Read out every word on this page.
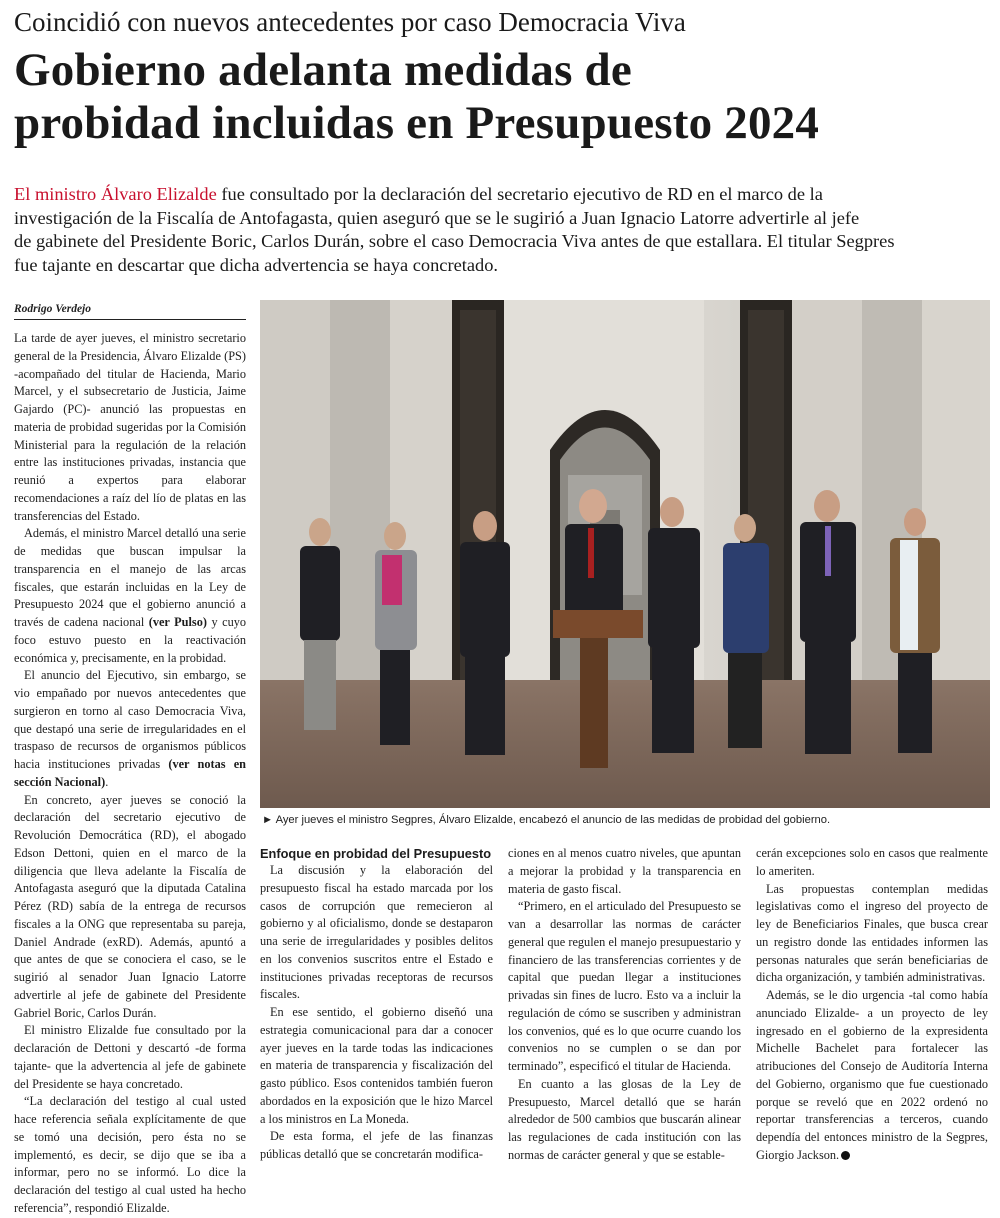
Coincidió con nuevos antecedentes por caso Democracia Viva
Gobierno adelanta medidas de
probidad incluidas en Presupuesto 2024
El ministro Álvaro Elizalde fue consultado por la declaración del secretario ejecutivo de RD en el marco de la
investigación de la Fiscalía de Antofagasta, quien aseguró que se le sugirió a Juan Ignacio Latorre advertirle al jefe
de gabinete del Presidente Boric, Carlos Durán, sobre el caso Democracia Viva antes de que estallara. El titular Segpres
fue tajante en descartar que dicha advertencia se haya concretado.
Rodrigo Verdejo

La tarde de ayer jueves, el ministro secretario general de la Presidencia, Álvaro Elizalde (PS) -acompañado del titular de Hacienda, Mario Marcel, y el subsecretario de Justicia, Jaime Gajardo (PC)- anunció las propuestas en materia de probidad sugeridas por la Comisión Ministerial para la regulación de la relación entre las instituciones privadas, instancia que reunió a expertos para elaborar recomendaciones a raíz del lío de platas en las transferencias del Estado.

Además, el ministro Marcel detalló una serie de medidas que buscan impulsar la transparencia en el manejo de las arcas fiscales, que estarán incluidas en la Ley de Presupuesto 2024 que el gobierno anunció a través de cadena nacional (ver Pulso) y cuyo foco estuvo puesto en la reactivación económica y, precisamente, en la probidad.

El anuncio del Ejecutivo, sin embargo, se vio empañado por nuevos antecedentes que surgieron en torno al caso Democracia Viva, que destapó una serie de irregularidades en el traspaso de recursos de organismos públicos hacia instituciones privadas (ver notas en sección Nacional).

En concreto, ayer jueves se conoció la declaración del secretario ejecutivo de Revolución Democrática (RD), el abogado Edson Dettoni, quien en el marco de la diligencia que lleva adelante la Fiscalía de Antofagasta aseguró que la diputada Catalina Pérez (RD) sabía de la entrega de recursos fiscales a la ONG que representaba su pareja, Daniel Andrade (exRD). Además, apuntó a que antes de que se conociera el caso, se le sugirió al senador Juan Ignacio Latorre advertirle al jefe de gabinete del Presidente Gabriel Boric, Carlos Durán.

El ministro Elizalde fue consultado por la declaración de Dettoni y descartó -de forma tajante- que la advertencia al jefe de gabinete del Presidente se haya concretado.

“La declaración del testigo al cual usted hace referencia señala explícitamente de que se tomó una decisión, pero ésta no se implementó, es decir, se dijo que se iba a informar, pero no se informó. Lo dice la declaración del testigo al cual usted ha hecho referencia”, respondió Elizalde.

► Ayer jueves el ministro Segpres, Álvaro Elizalde, encabezó el anuncio de las medidas de probidad del gobierno.
Enfoque en probidad del Presupuesto

La discusión y la elaboración del presupuesto fiscal ha estado marcada por los casos de corrupción que remecieron al gobierno y al oficialismo, donde se destaparon una serie de irregularidades y posibles delitos en los convenios suscritos entre el Estado e instituciones privadas receptoras de recursos fiscales.

En ese sentido, el gobierno diseñó una estrategia comunicacional para dar a conocer ayer jueves en la tarde todas las indicaciones en materia de transparencia y fiscalización del gasto público. Esos contenidos también fueron abordados en la exposición que le hizo Marcel a los ministros en La Moneda.

De esta forma, el jefe de las finanzas públicas detalló que se concretarán modifica-

ciones en al menos cuatro niveles, que apuntan a mejorar la probidad y la transparencia en materia de gasto fiscal.

“Primero, en el articulado del Presupuesto se van a desarrollar las normas de carácter general que regulen el manejo presupuestario y financiero de las transferencias corrientes y de capital que puedan llegar a instituciones privadas sin fines de lucro. Esto va a incluir la regulación de cómo se suscriben y administran los convenios, qué es lo que ocurre cuando los convenios no se cumplen o se dan por terminado”, especificó el titular de Hacienda.

En cuanto a las glosas de la Ley de Presupuesto, Marcel detalló que se harán alrededor de 500 cambios que buscarán alinear las regulaciones de cada institución con las normas de carácter general y que se estable-

cerán excepciones solo en casos que realmente lo ameriten.

Las propuestas contemplan medidas legislativas como el ingreso del proyecto de ley de Beneficiarios Finales, que busca crear un registro donde las entidades informen las personas naturales que serán beneficiarias de dicha organización, y también administrativas.

Además, se le dio urgencia -tal como había anunciado Elizalde- a un proyecto de ley ingresado en el gobierno de la expresidenta Michelle Bachelet para fortalecer las atribuciones del Consejo de Auditoría Interna del Gobierno, organismo que fue cuestionado porque se reveló que en 2022 ordenó no reportar transferencias a terceros, cuando dependía del entonces ministro de la Segpres, Giorgio Jackson.
